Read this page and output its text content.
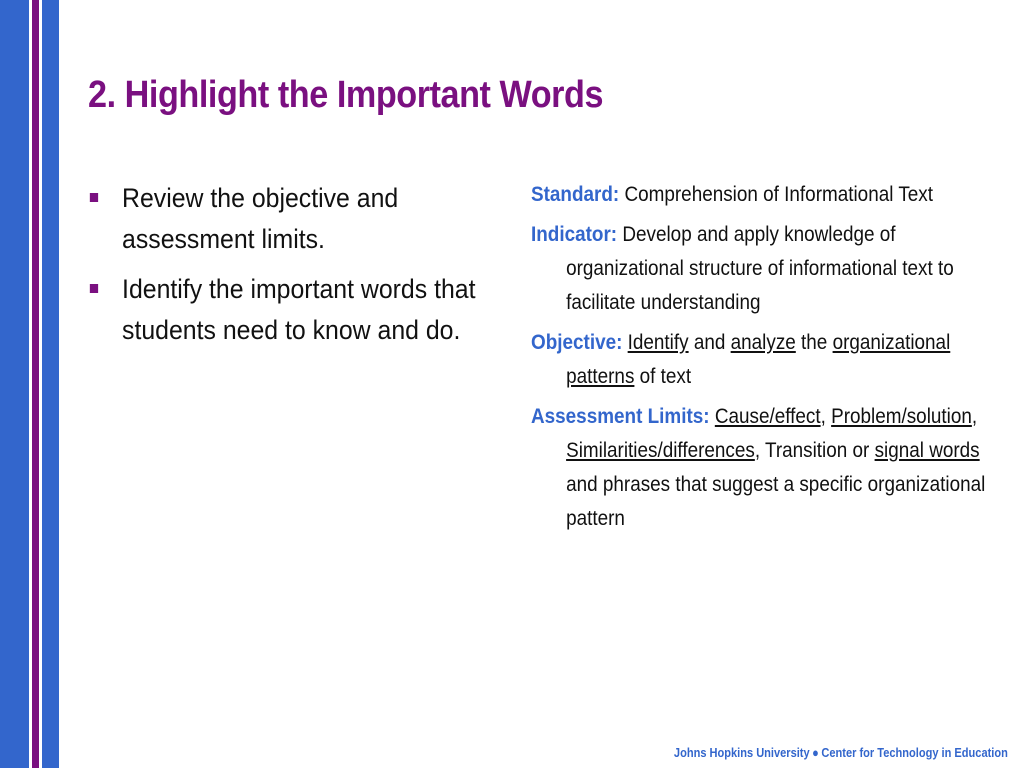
2. Highlight the Important Words
Review the objective and assessment limits.
Identify the important words that students need to know and do.
Standard: Comprehension of Informational Text
Indicator: Develop and apply knowledge of organizational structure of informational text to facilitate understanding
Objective: Identify and analyze the organizational patterns of text
Assessment Limits: Cause/effect, Problem/solution, Similarities/differences, Transition or signal words and phrases that suggest a specific organizational pattern
Johns Hopkins University ● Center for Technology in Education
